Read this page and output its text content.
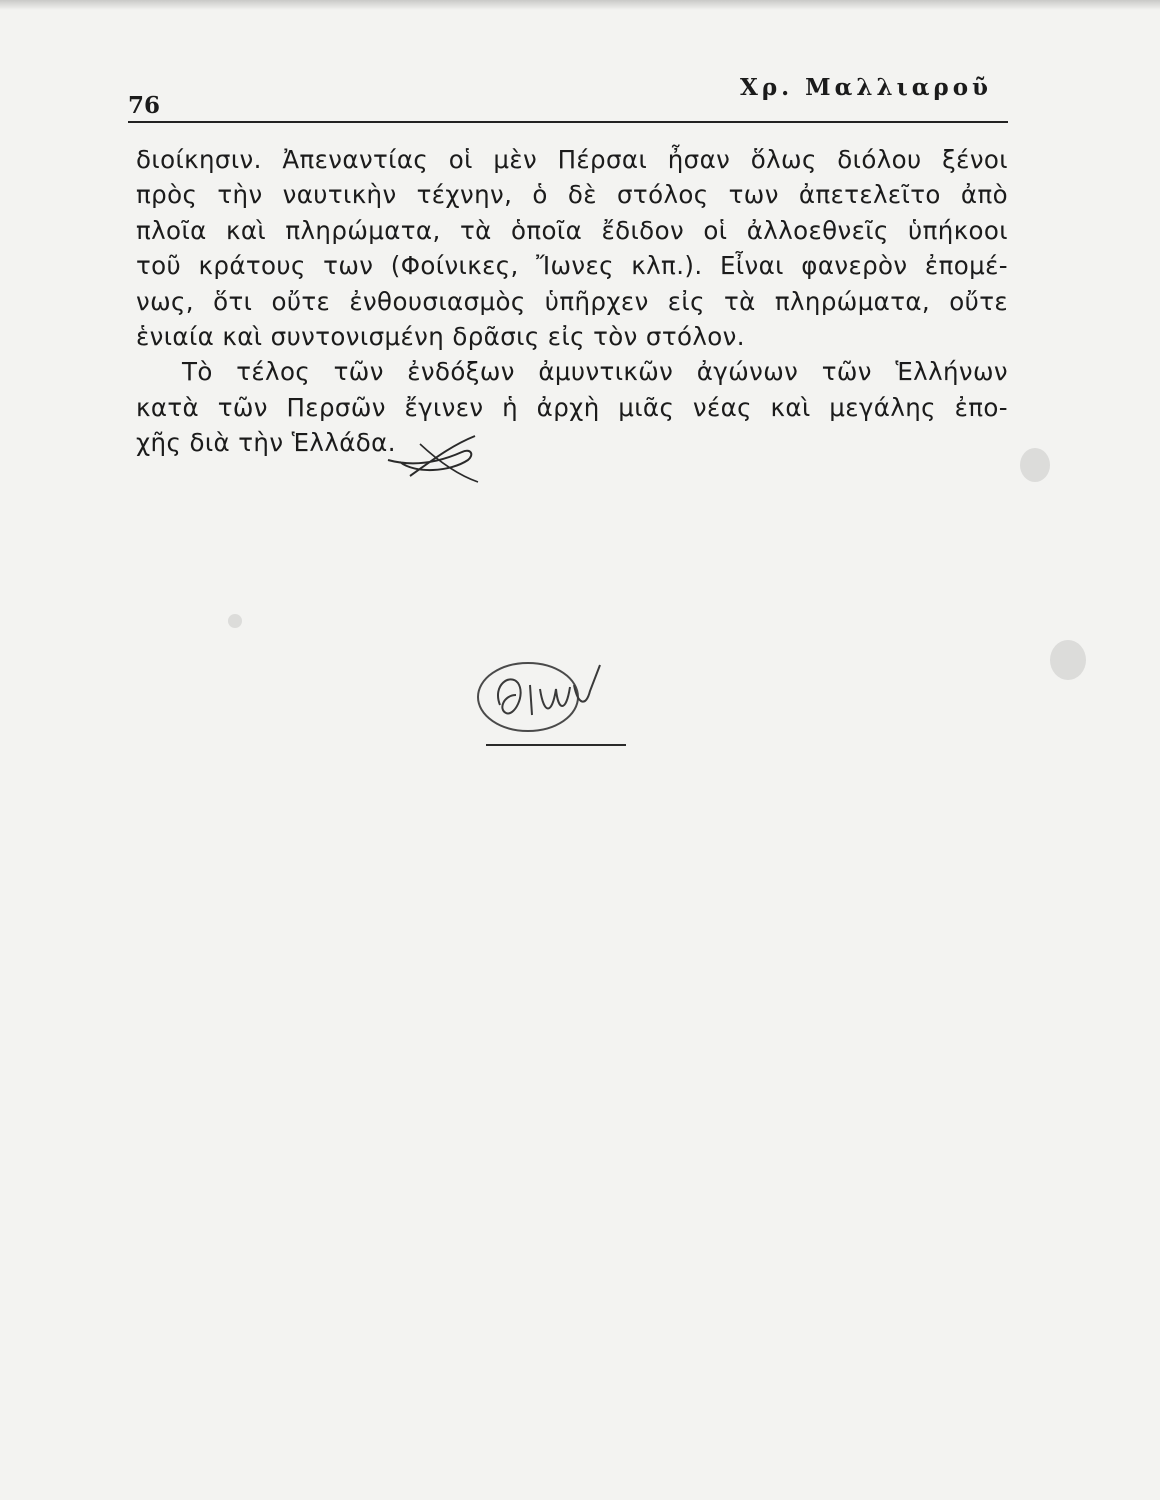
76
Χρ. Μαλλιαροῦ
διοίκησιν. Ἀπεναντίας οἱ μὲν Πέρσαι ἦσαν ὅλως διόλου ξένοι
πρὸς τὴν ναυτικὴν τέχνην, ὁ δὲ στόλος των ἀπετελεῖτο ἀπὸ
πλοῖα καὶ πληρώματα, τὰ ὁποῖα ἔδιδον οἱ ἀλλοεθνεῖς ὑπήκοοι
τοῦ κράτους των (Φοίνικες, Ἴωνες κλπ.). Εἶναι φανερὸν ἐπομέ-
νως, ὅτι οὔτε ἐνθουσιασμὸς ὑπῆρχεν εἰς τὰ πληρώματα, οὔτε
ἑνιαία καὶ συντονισμένη δρᾶσις εἰς τὸν στόλον.
Τὸ τέλος τῶν ἐνδόξων ἀμυντικῶν ἀγώνων τῶν Ἑλλήνων
κατὰ τῶν Περσῶν ἔγινεν ἡ ἀρχὴ μιᾶς νέας καὶ μεγάλης ἐπο-
χῆς διὰ τὴν Ἑλλάδα.
